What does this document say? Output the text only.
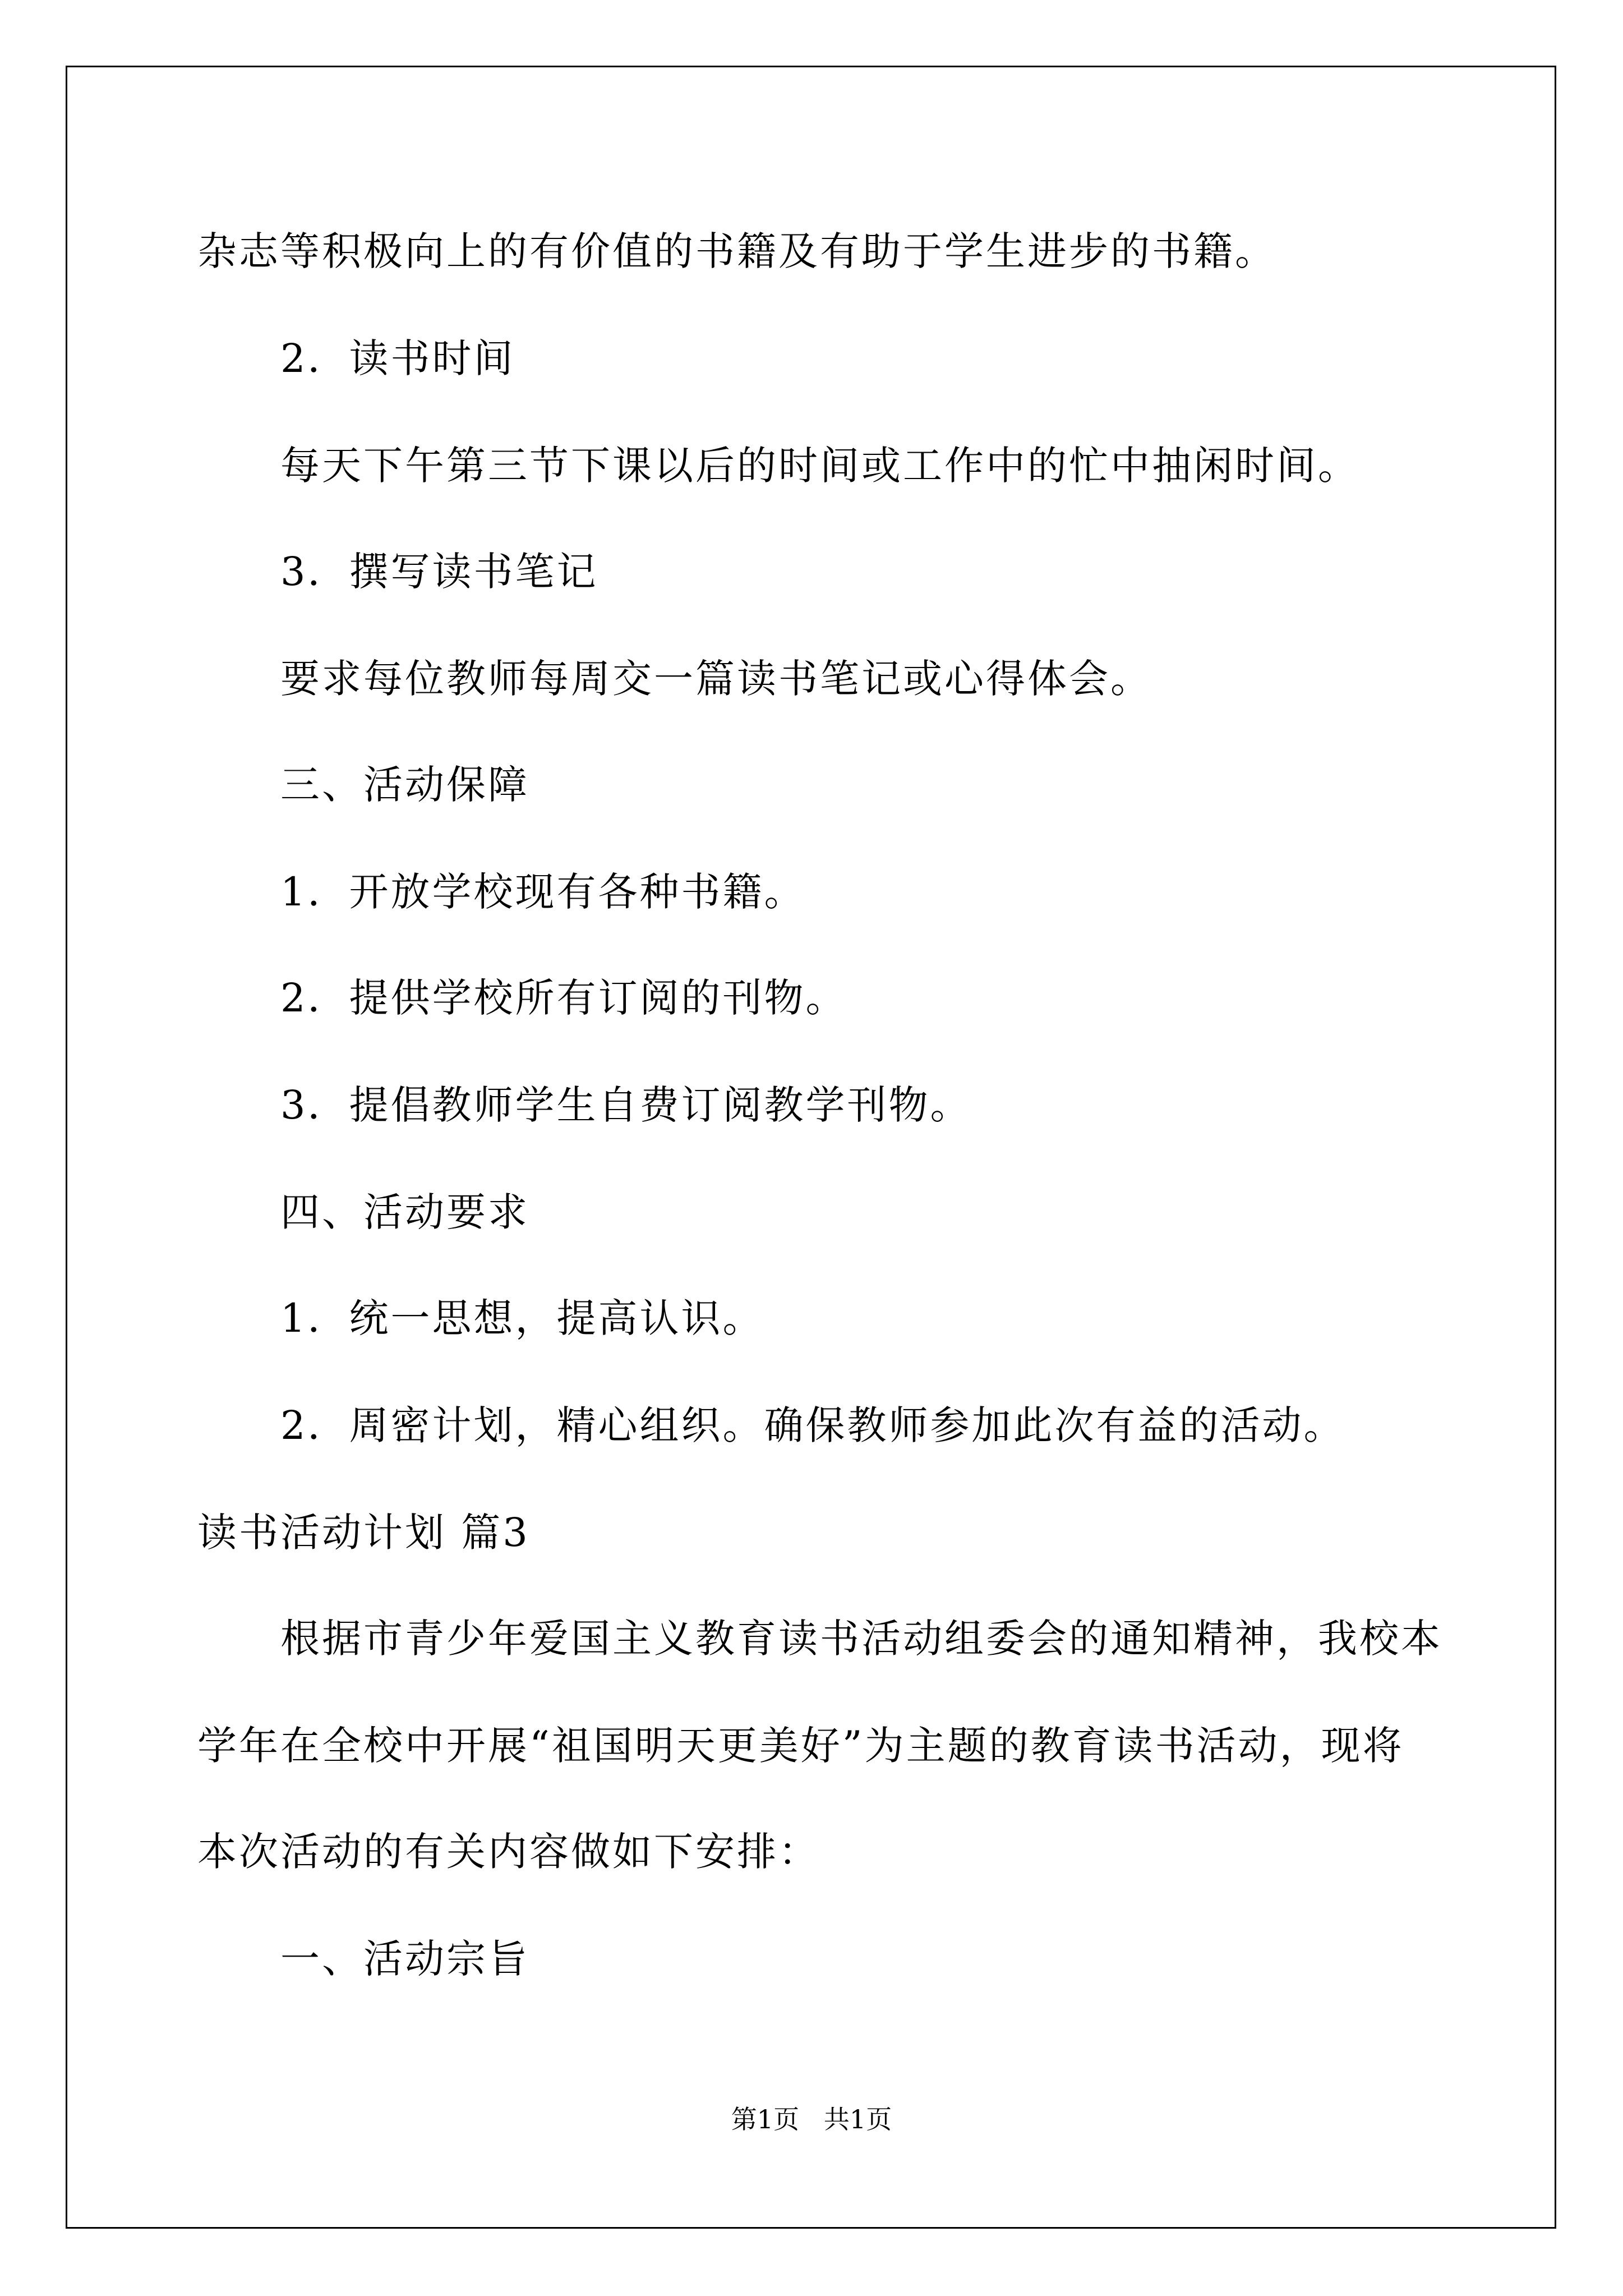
杂志等积极向上的有价值的书籍及有助于学生进步的书籍。
2．读书时间
每天下午第三节下课以后的时间或工作中的忙中抽闲时间。
3．撰写读书笔记
要求每位教师每周交一篇读书笔记或心得体会。
三、活动保障
1．开放学校现有各种书籍。
2．提供学校所有订阅的刊物。
3．提倡教师学生自费订阅教学刊物。
四、活动要求
1．统一思想，提高认识。
2．周密计划，精心组织。确保教师参加此次有益的活动。
读书活动计划 篇3
根据市青少年爱国主义教育读书活动组委会的通知精神，我校本
学年在全校中开展“祖国明天更美好”为主题的教育读书活动，现将
本次活动的有关内容做如下安排：
一、活动宗旨
第1页   共1页
